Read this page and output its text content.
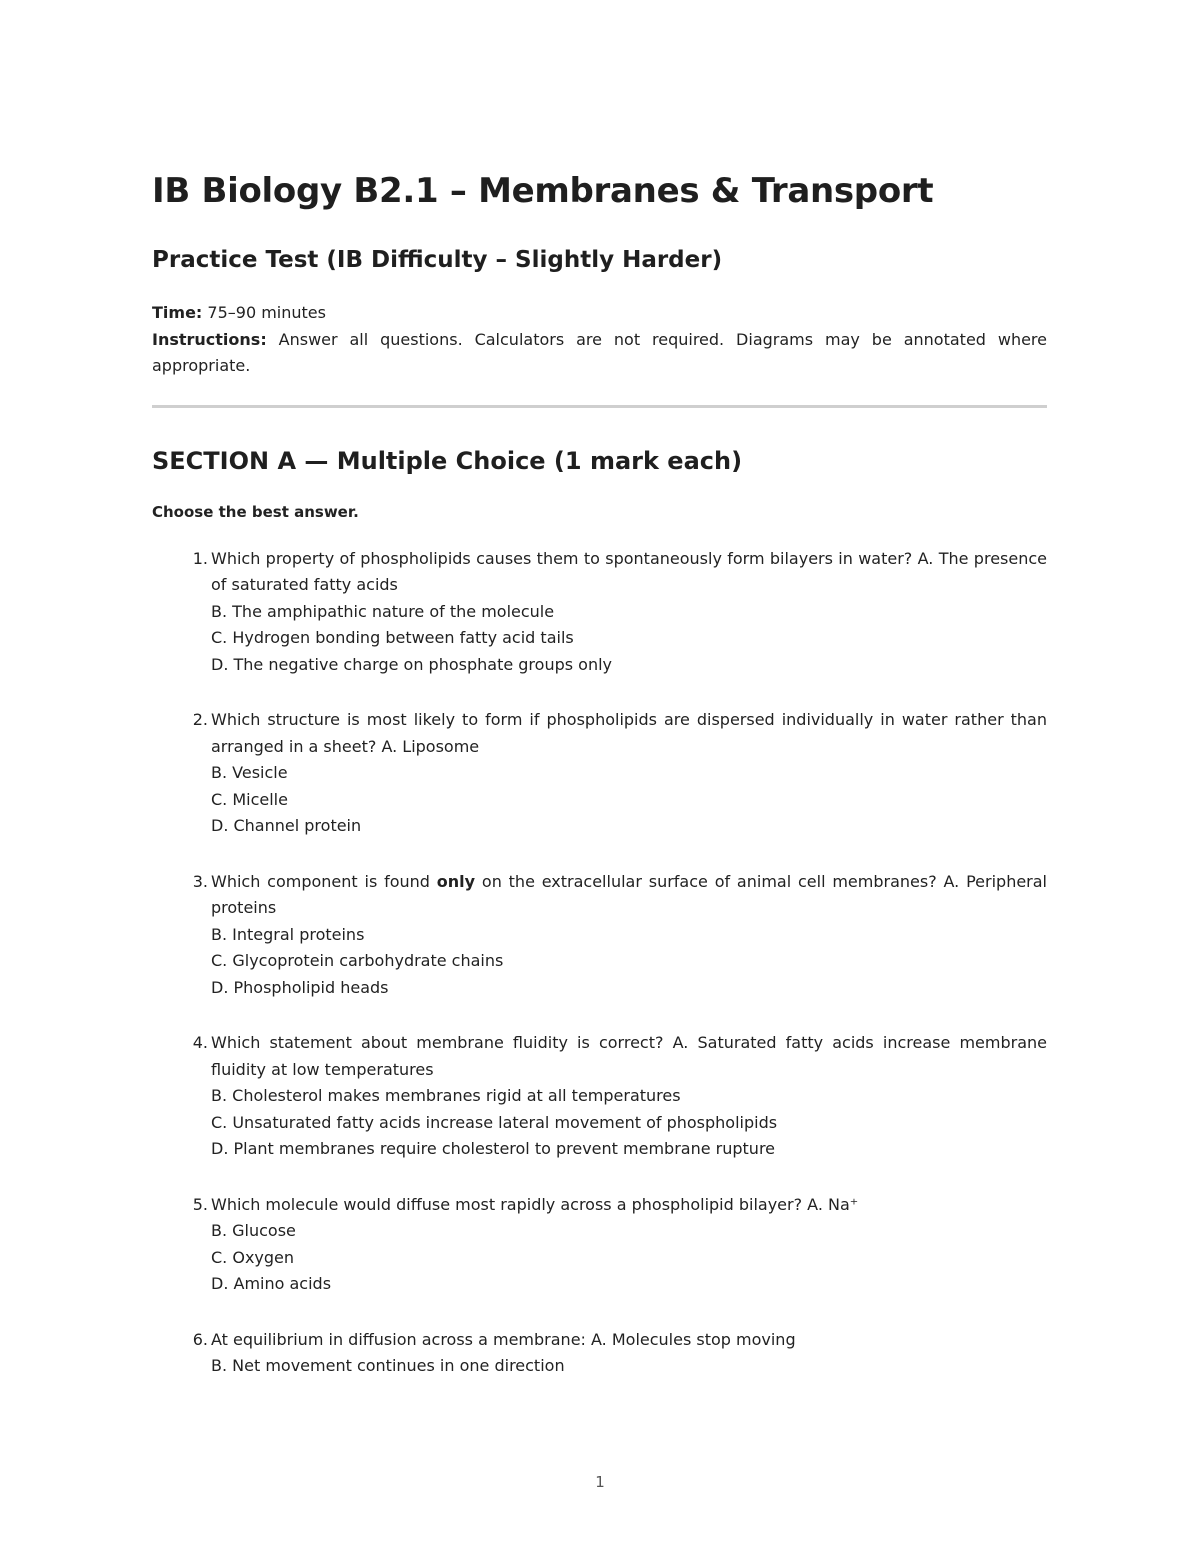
IB Biology B2.1 – Membranes & Transport
Practice Test (IB Difficulty – Slightly Harder)
Time: 75–90 minutes
Instructions: Answer all questions. Calculators are not required. Diagrams may be annotated where appropriate.
SECTION A — Multiple Choice (1 mark each)
Choose the best answer.
1. Which property of phospholipids causes them to spontaneously form bilayers in water? A. The presence of saturated fatty acids
B. The amphipathic nature of the molecule
C. Hydrogen bonding between fatty acid tails
D. The negative charge on phosphate groups only
2. Which structure is most likely to form if phospholipids are dispersed individually in water rather than arranged in a sheet? A. Liposome
B. Vesicle
C. Micelle
D. Channel protein
3. Which component is found only on the extracellular surface of animal cell membranes? A. Peripheral proteins
B. Integral proteins
C. Glycoprotein carbohydrate chains
D. Phospholipid heads
4. Which statement about membrane fluidity is correct? A. Saturated fatty acids increase membrane fluidity at low temperatures
B. Cholesterol makes membranes rigid at all temperatures
C. Unsaturated fatty acids increase lateral movement of phospholipids
D. Plant membranes require cholesterol to prevent membrane rupture
5. Which molecule would diffuse most rapidly across a phospholipid bilayer? A. Na⁺
B. Glucose
C. Oxygen
D. Amino acids
6. At equilibrium in diffusion across a membrane: A. Molecules stop moving
B. Net movement continues in one direction
1
